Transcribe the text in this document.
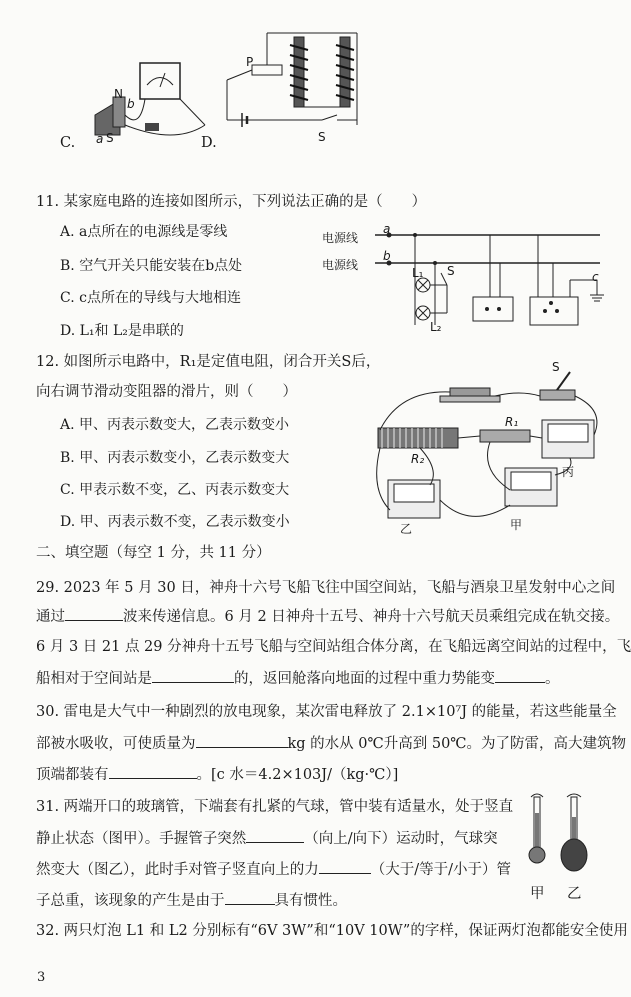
N
b
a S
C.
P
S
D.
11. 某家庭电路的连接如图所示，下列说法正确的是（　　）
A. a点所在的电源线是零线
B. 空气开关只能安装在b点处
C. c点所在的导线与大地相连
D. L₁和 L₂是串联的
电源线
电源线
a
b
c
L₁
L₂
S
12. 如图所示电路中，R₁是定值电阻，闭合开关S后，
向右调节滑动变阻器的滑片，则（　　）
A. 甲、丙表示数变大，乙表示数变小
B. 甲、丙表示数变小，乙表示数变大
C. 甲表示数不变，乙、丙表示数变大
D. 甲、丙表示数不变，乙表示数变小
S
R₁
R₂
丙
乙	甲
二、填空题（每空 1 分，共 11 分）
29. 2023 年 5 月 30 日，神舟十六号飞船飞往中国空间站，飞船与酒泉卫星发射中心之间
通过	波来传递信息。6 月 2 日神舟十五号、神舟十六号航天员乘组完成在轨交接。
6 月 3 日 21 点 29 分神舟十五号飞船与空间站组合体分离，在飞船远离空间站的过程中，飞
船相对于空间站是	的，返回舱落向地面的过程中重力势能变	。
30. 雷电是大气中一种剧烈的放电现象，某次雷电释放了 2.1×10⁷J 的能量，若这些能量全
部被水吸收，可使质量为	kg 的水从 0℃升高到 50℃。为了防雷，高大建筑物
顶端都装有	。[c 水＝4.2×103J/（kg·℃）]
31. 两端开口的玻璃管，下端套有扎紧的气球，管中装有适量水，处于竖直
静止状态（图甲）。手握管子突然	（向上/向下）运动时，气球突
然变大（图乙），此时手对管子竖直向上的力	（大于/等于/小于）管
子总重，该现象的产生是由于	具有惯性。	甲 乙
32. 两只灯泡 L1 和 L2 分别标有“6V 3W”和“10V 10W”的字样，保证两灯泡都能安全使用
3
